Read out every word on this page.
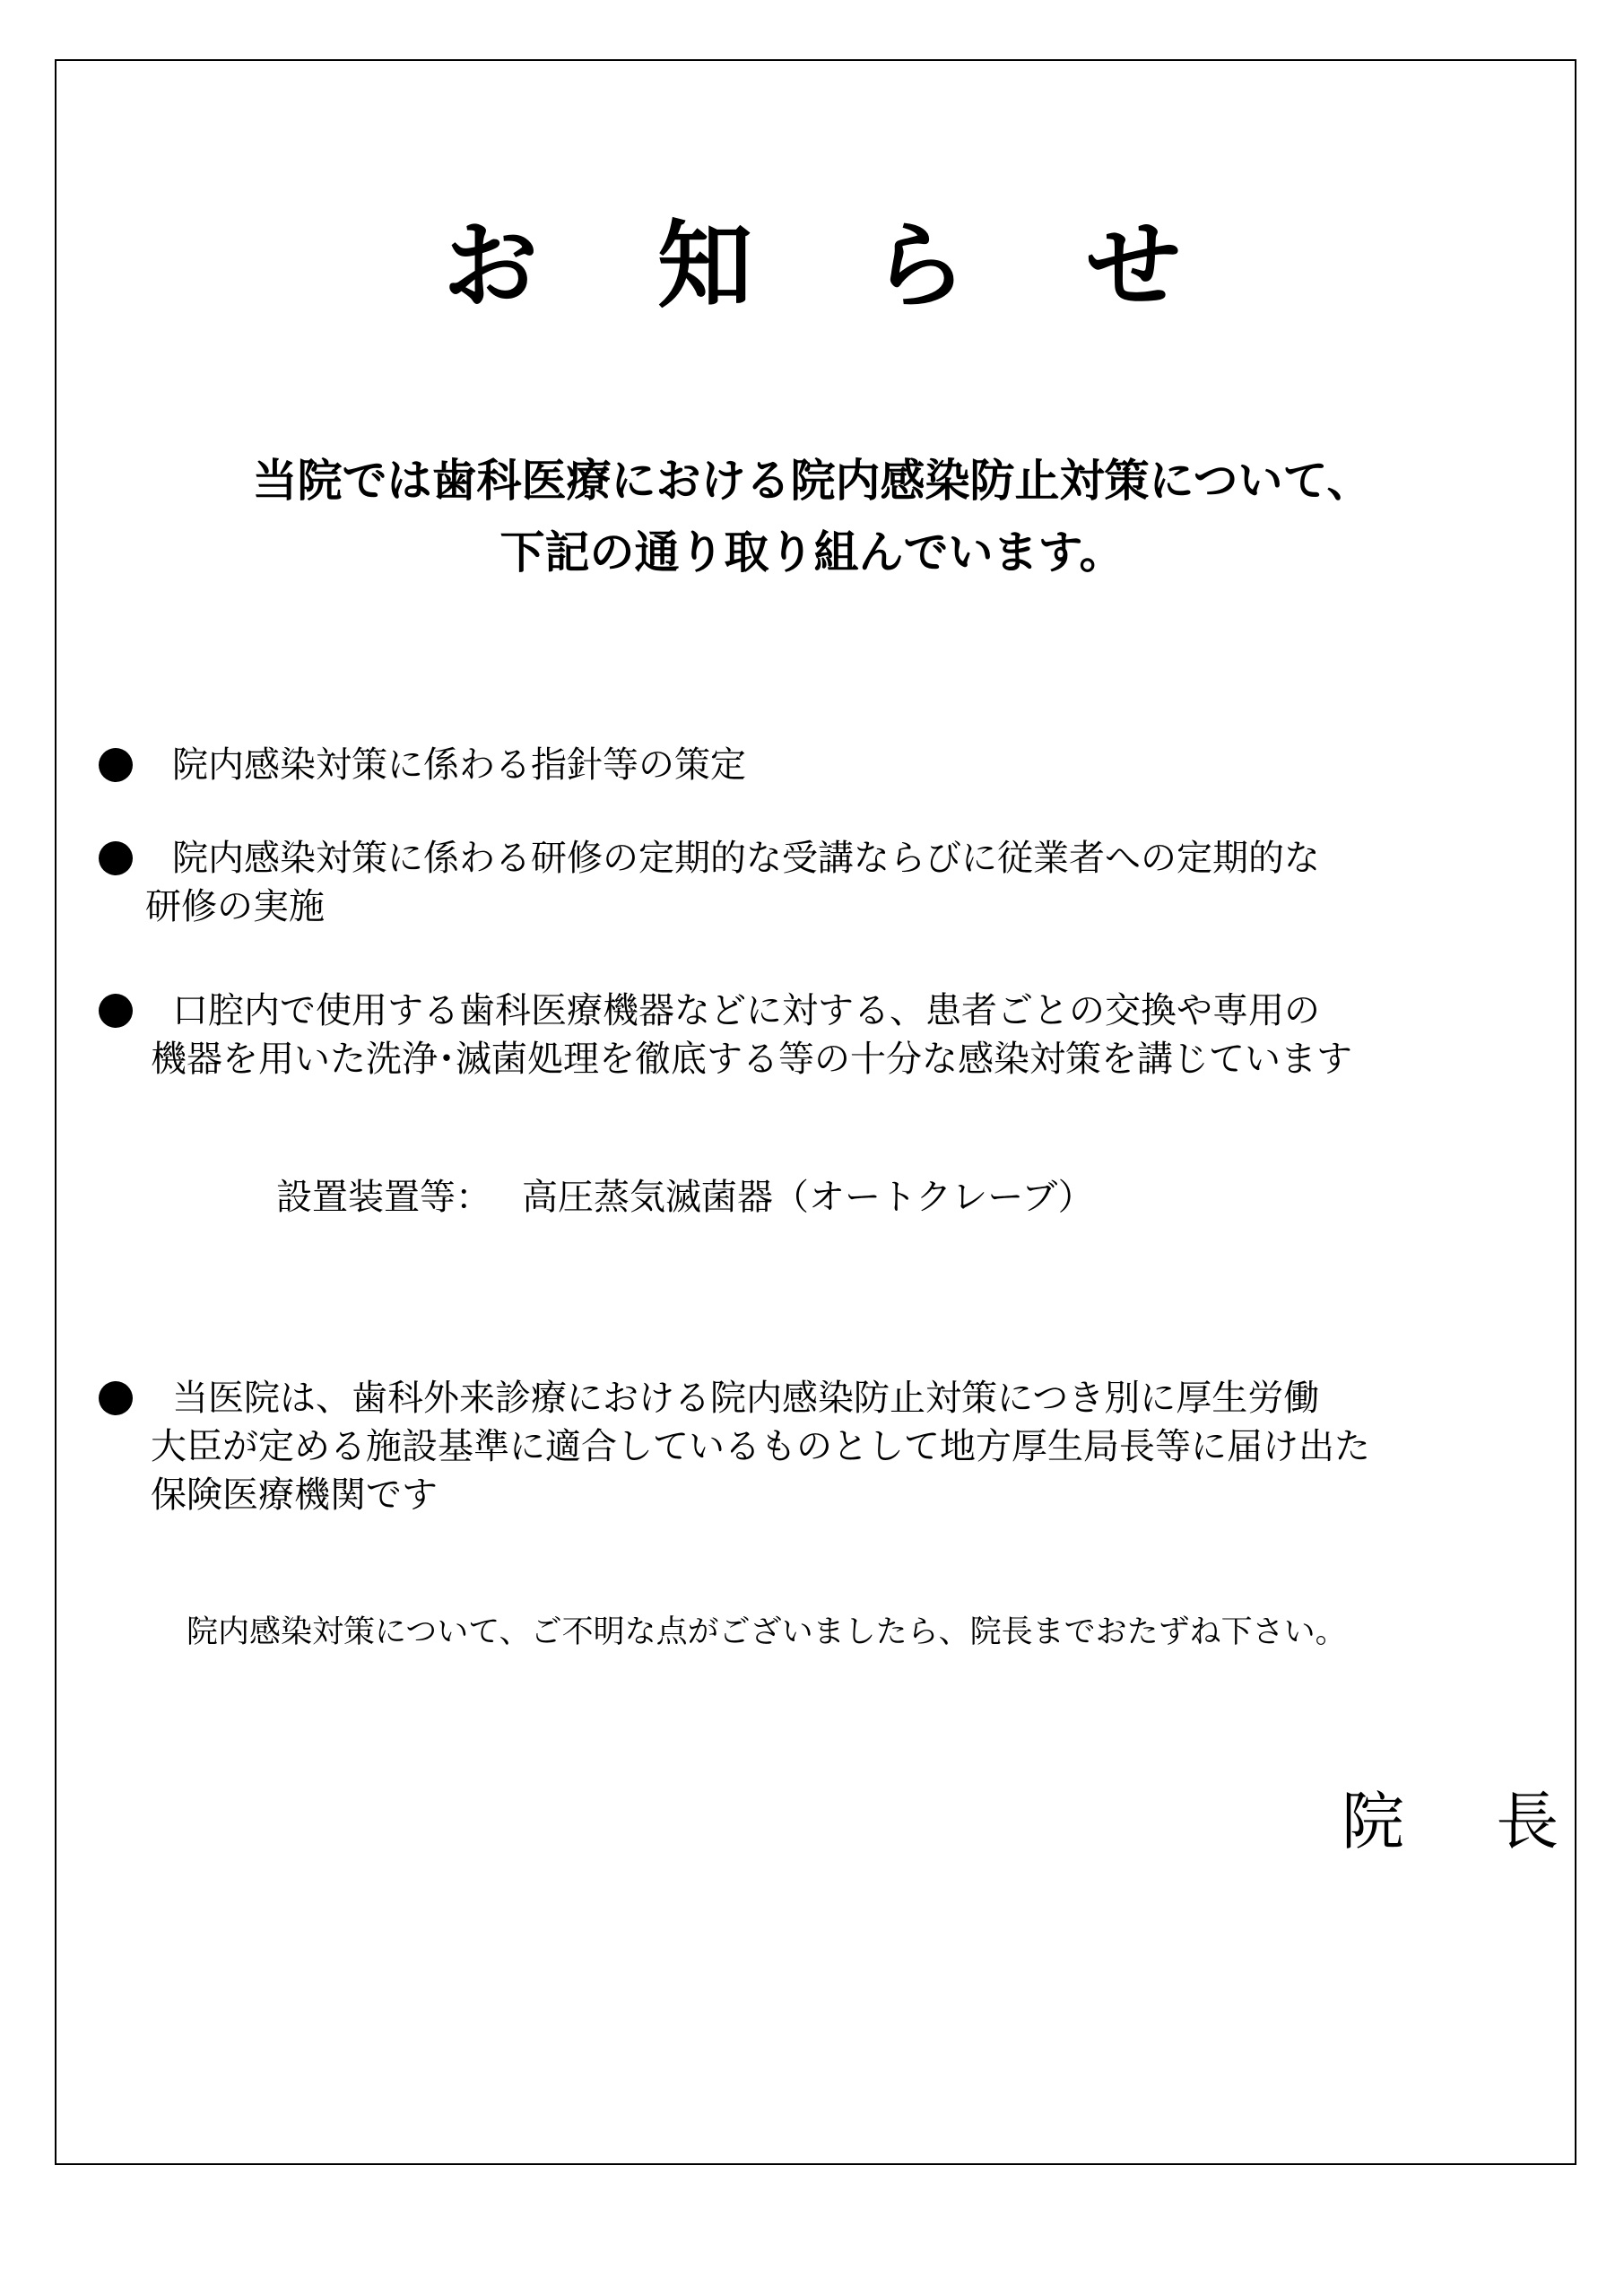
お 知 ら せ
当院では歯科医療における院内感染防止対策について、
下記の通り取り組んでいます。
院内感染対策に係わる指針等の策定
院内感染対策に係わる研修の定期的な受講ならびに従業者への定期的な
研修の実施
口腔内で使用する歯科医療機器などに対する、患者ごとの交換や専用の
機器を用いた洗浄･滅菌処理を徹底する等の十分な感染対策を講じています
設置装置等： 高圧蒸気滅菌器（オートクレーブ）
当医院は、歯科外来診療における院内感染防止対策につき別に厚生労働
大臣が定める施設基準に適合しているものとして地方厚生局長等に届け出た
保険医療機関です
院内感染対策について、ご不明な点がございましたら、院長までおたずね下さい。
院 長
